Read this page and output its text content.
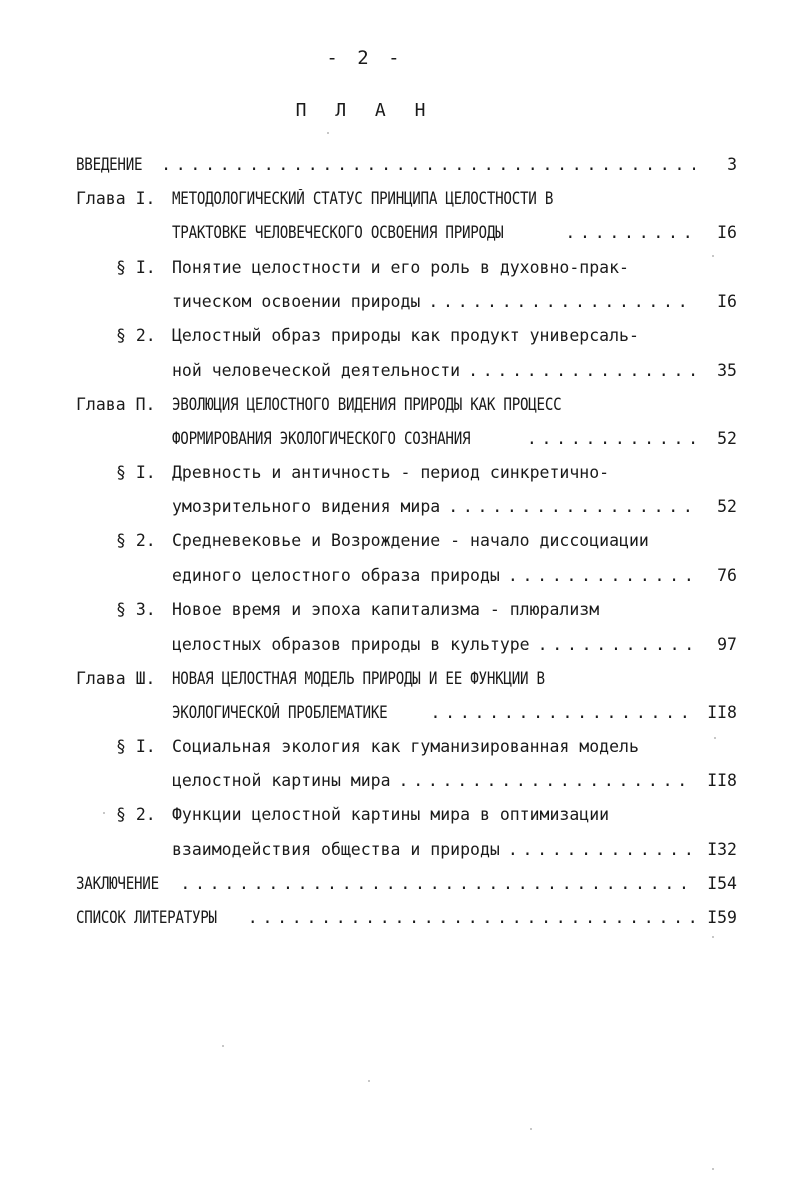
- 2 -
П Л А Н
ВВЕДЕНИЕ . . .	3
Глава I.	МЕТОДОЛОГИЧЕСКИЙ СТАТУС ПРИНЦИПА ЦЕЛОСТНОСТИ В
ТРАКТОВКЕ ЧЕЛОВЕЧЕСКОГО ОСВОЕНИЯ ПРИРОДЫ . . .	I6
§ I. Понятие целостности и его роль в духовно-прак-
тическом освоении природы . . .	I6
§ 2. Целостный образ природы как продукт универсаль-
ной человеческой деятельности . . .	35
Глава П.	ЭВОЛЮЦИЯ ЦЕЛОСТНОГО ВИДЕНИЯ ПРИРОДЫ КАК ПРОЦЕСС
ФОРМИРОВАНИЯ ЭКОЛОГИЧЕСКОГО СОЗНАНИЯ . . .	52
§ I. Древность и античность - период синкретично-
умозрительного видения мира . . .	52
§ 2. Средневековье и Возрождение - начало диссоциации
единого целостного образа природы . . .	76
§ 3. Новое время и эпоха капитализма - плюрализм
целостных образов природы в культуре . . .	97
Глава Ш.	НОВАЯ ЦЕЛОСТНАЯ МОДЕЛЬ ПРИРОДЫ И ЕЕ ФУНКЦИИ В
ЭКОЛОГИЧЕСКОЙ ПРОБЛЕМАТИКЕ . . .	II8
§ I. Социальная экология как гуманизированная модель
целостной картины мира . . .	II8
§ 2. Функции целостной картины мира в оптимизации
взаимодействия общества и природы . . .	I32
ЗАКЛЮЧЕНИЕ . . .	I54
СПИСОК ЛИТЕРАТУРЫ . . .	I59
